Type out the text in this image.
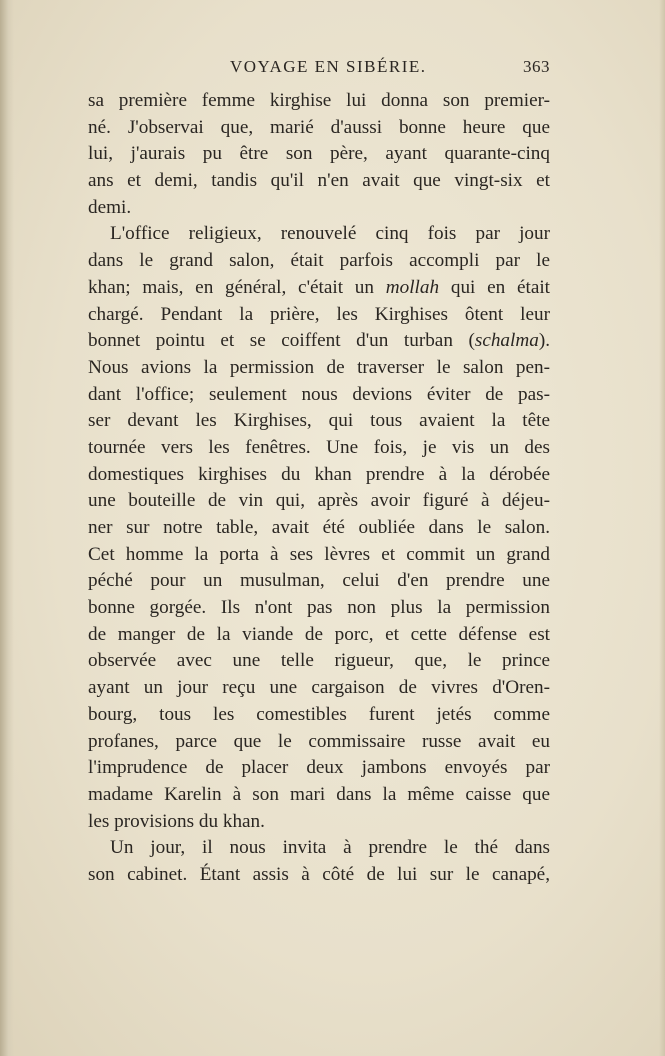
VOYAGE EN SIBÉRIE.	363
sa première femme kirghise lui donna son premier-
né. J'observai que, marié d'aussi bonne heure que
lui, j'aurais pu être son père, ayant quarante-cinq
ans et demi, tandis qu'il n'en avait que vingt-six et
demi.
L'office religieux, renouvelé cinq fois par jour
dans le grand salon, était parfois accompli par le
khan; mais, en général, c'était un mollah qui en était
chargé. Pendant la prière, les Kirghises ôtent leur
bonnet pointu et se coiffent d'un turban (schalma).
Nous avions la permission de traverser le salon pen-
dant l'office; seulement nous devions éviter de pas-
ser devant les Kirghises, qui tous avaient la tête
tournée vers les fenêtres. Une fois, je vis un des
domestiques kirghises du khan prendre à la dérobée
une bouteille de vin qui, après avoir figuré à déjeu-
ner sur notre table, avait été oubliée dans le salon.
Cet homme la porta à ses lèvres et commit un grand
péché pour un musulman, celui d'en prendre une
bonne gorgée. Ils n'ont pas non plus la permission
de manger de la viande de porc, et cette défense est
observée avec une telle rigueur, que, le prince
ayant un jour reçu une cargaison de vivres d'Oren-
bourg, tous les comestibles furent jetés comme
profanes, parce que le commissaire russe avait eu
l'imprudence de placer deux jambons envoyés par
madame Karelin à son mari dans la même caisse que
les provisions du khan.
Un jour, il nous invita à prendre le thé dans
son cabinet. Étant assis à côté de lui sur le canapé,
